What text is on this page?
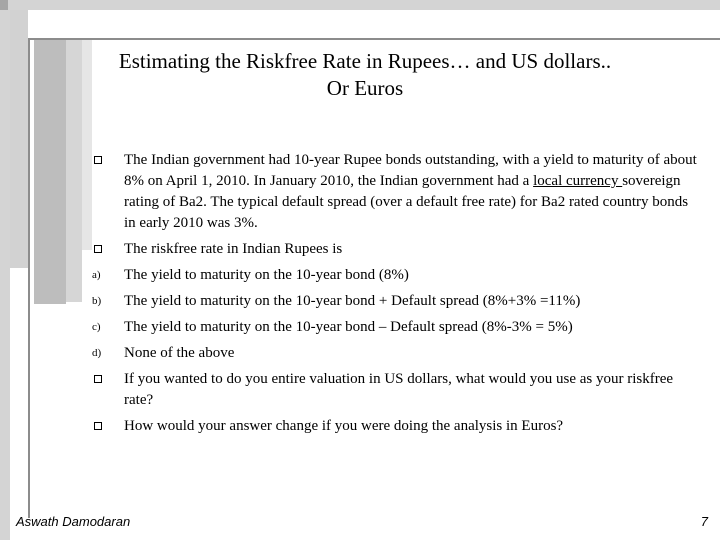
Estimating the Riskfree Rate in Rupees… and US dollars..
Or Euros
The Indian government had 10-year Rupee bonds outstanding, with a yield to maturity of about 8% on April 1, 2010. In January 2010, the Indian government had a local currency sovereign rating of Ba2. The typical default spread (over a default free rate) for Ba2 rated country bonds in early 2010 was 3%.
The riskfree rate in Indian Rupees is
a)	The yield to maturity on the 10-year bond (8%)
b)	The yield to maturity on the 10-year bond + Default spread (8%+3% =11%)
c)	The yield to maturity on the 10-year bond – Default spread (8%-3% = 5%)
d)	None of the above
If you wanted to do you entire valuation in US dollars, what would you use as your riskfree rate?
How would your answer change if you were doing the analysis in Euros?
Aswath Damodaran	7
